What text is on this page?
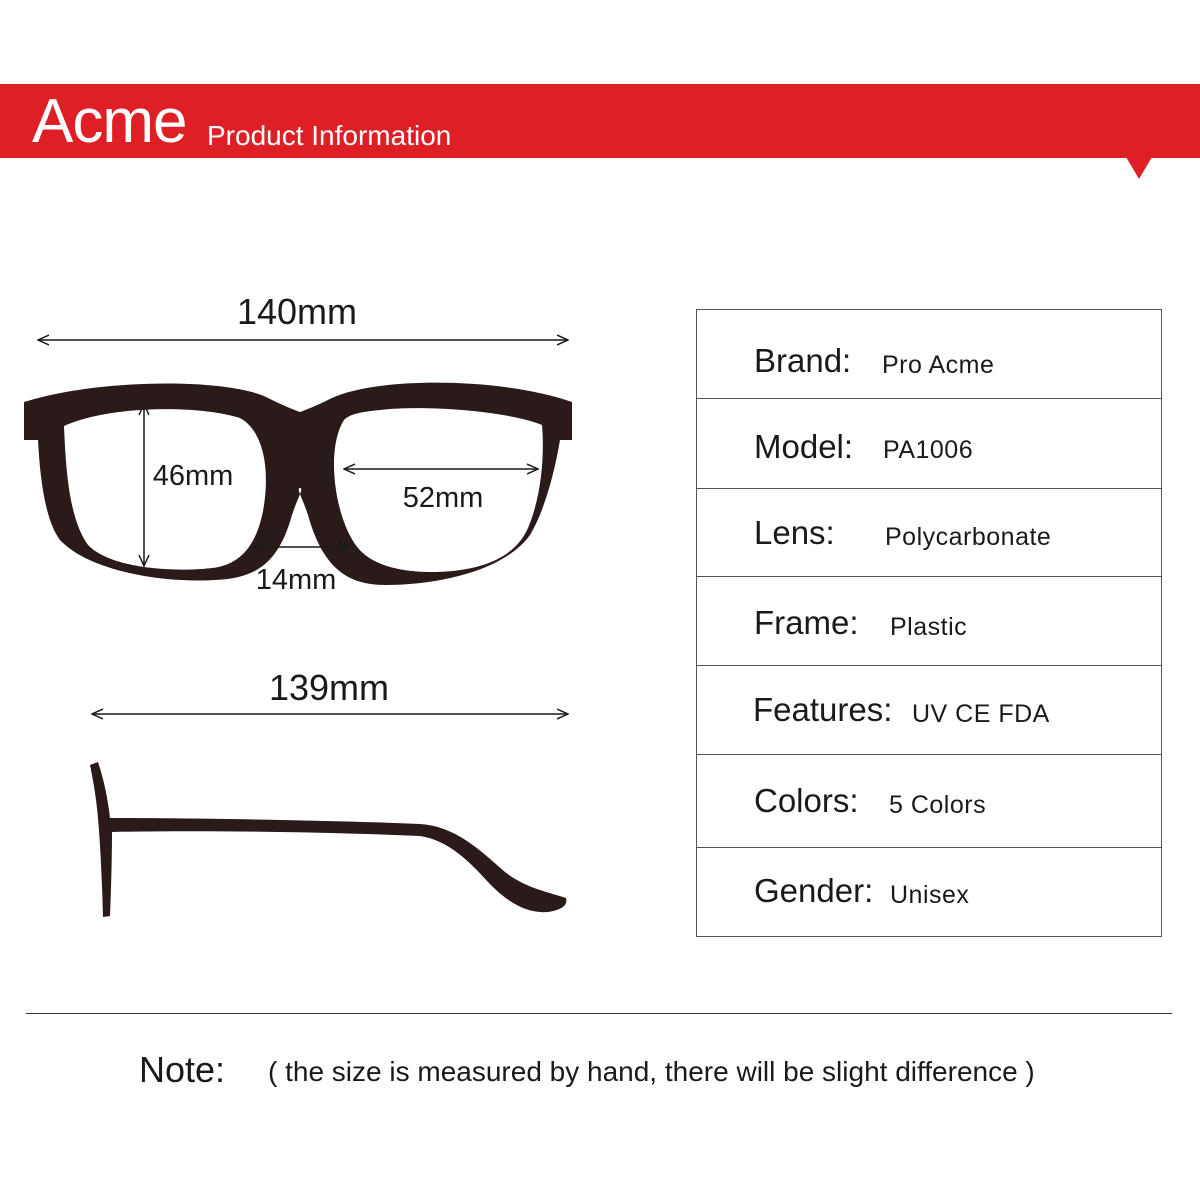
Acme Product Information
140mm
46mm
52mm
14mm
139mm
Brand: Pro Acme
Model: PA1006
Lens: Polycarbonate
Frame: Plastic
Features: UV CE FDA
Colors: 5 Colors
Gender: Unisex
Note: ( the size is measured by hand, there will be slight difference )
